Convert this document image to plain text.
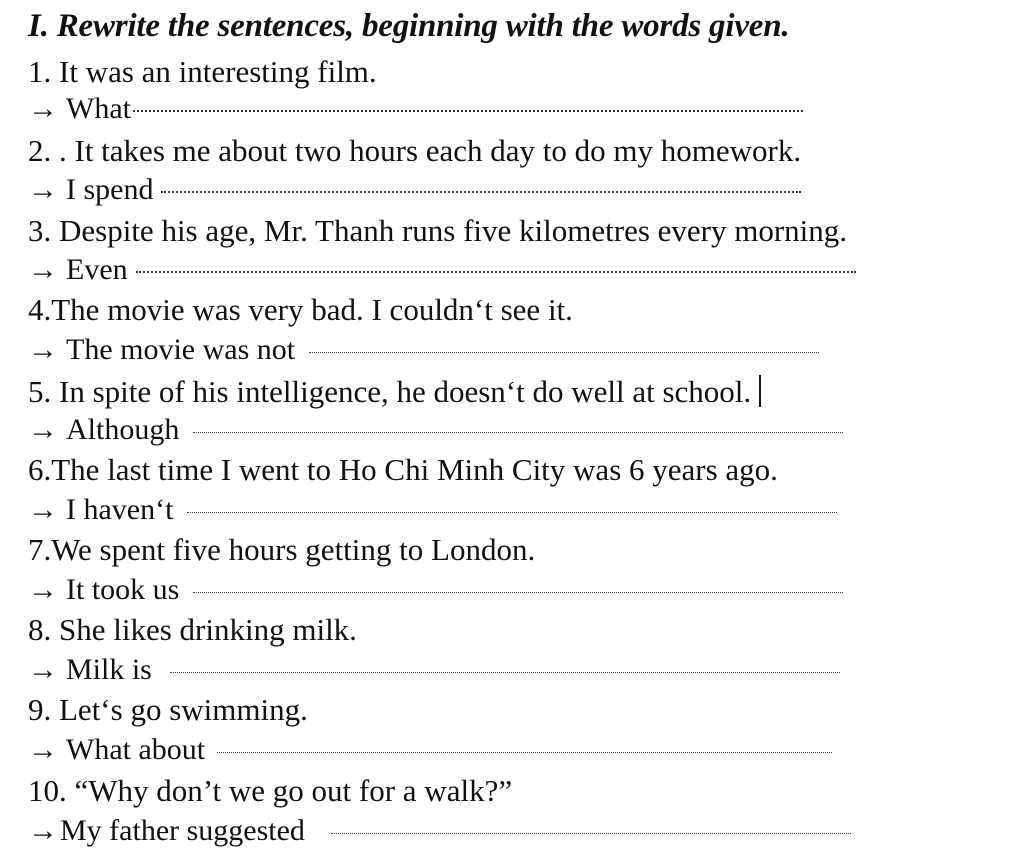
I. Rewrite the sentences, beginning with the words given.
1. It was an interesting film.
→ What
2. . It takes me about two hours each day to do my homework.
→ I spend
3. Despite his age, Mr. Thanh runs five kilometres every morning.
→ Even
4.The movie was very bad. I couldn‘t see it.
→ The movie was not
5. In spite of his intelligence, he doesn‘t do well at school.
→ Although
6.The last time I went to Ho Chi Minh City was 6 years ago.
→ I haven‘t
7.We spent five hours getting to London.
→ It took us
8. She likes drinking milk.
→ Milk is
9. Let‘s go swimming.
→ What about
10. “Why don’t we go out for a walk?”
→ My father suggested
